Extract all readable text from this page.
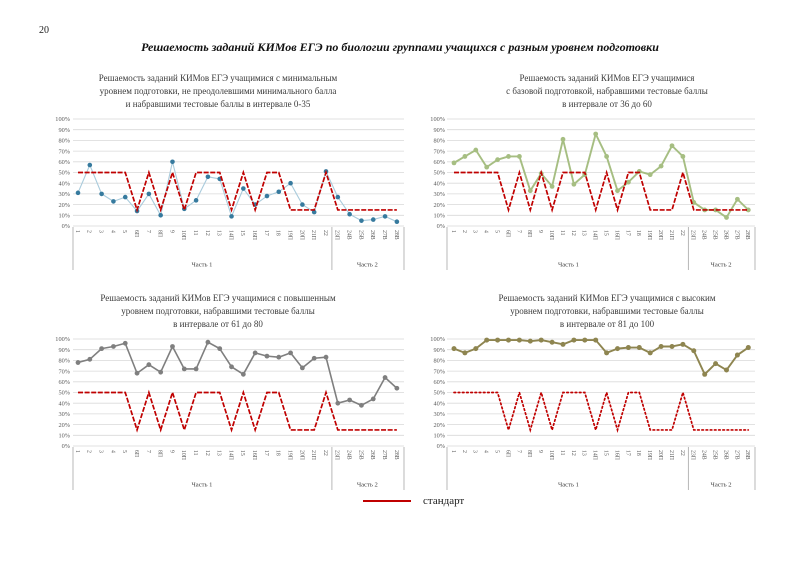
20
Решаемость заданий КИМов ЕГЭ по биологии группами учащихся с разным уровнем подготовки
Решаемость заданий КИМов ЕГЭ учащимися с минимальным
уровнем подготовки, не преодолевшими минимального балла
и набравшими тестовые баллы в интервале 0-35
0%
10%
20%
30%
40%
50%
60%
70%
80%
90%
100%
1 2 3 4 5 6П 7 8П 9 10П 11 12 13 14П 15 16П 17 18 19П 20П 21П 22 23П 24В 25В 26В 27В 28В
Часть 1	Часть 2
Решаемость заданий КИМов ЕГЭ учащимися
с базовой подготовкой, набравшими тестовые баллы
в интервале от 36 до 60
0%
10%
20%
30%
40%
50%
60%
70%
80%
90%
100%
1 2 3 4 5 6П 7 8П 9 10П 11 12 13 14П 15 16П 17 18 19П 20П 21П 22 23П 24В 25В 26В 27В 28В
Часть 1	Часть 2
Решаемость заданий КИМов ЕГЭ учащимися с повышенным
уровнем подготовки, набравшими тестовые баллы
в интервале от 61 до 80
0%
10%
20%
30%
40%
50%
60%
70%
80%
90%
100%
1 2 3 4 5 6П 7 8П 9 10П 11 12 13 14П 15 16П 17 18 19П 20П 21П 22 23П 24В 25В 26В 27В 28В
Часть 1	Часть 2
Решаемость заданий КИМов ЕГЭ учащимися с высоким
уровнем подготовки, набравшими тестовые баллы
в интервале от 81 до 100
0%
10%
20%
30%
40%
50%
60%
70%
80%
90%
100%
1 2 3 4 5 6П 7 8П 9 10П 11 12 13 14П 15 16П 17 18 19П 20П 21П 22 23П 24В 25В 26В 27В 28В
Часть 1	Часть 2
стандарт
